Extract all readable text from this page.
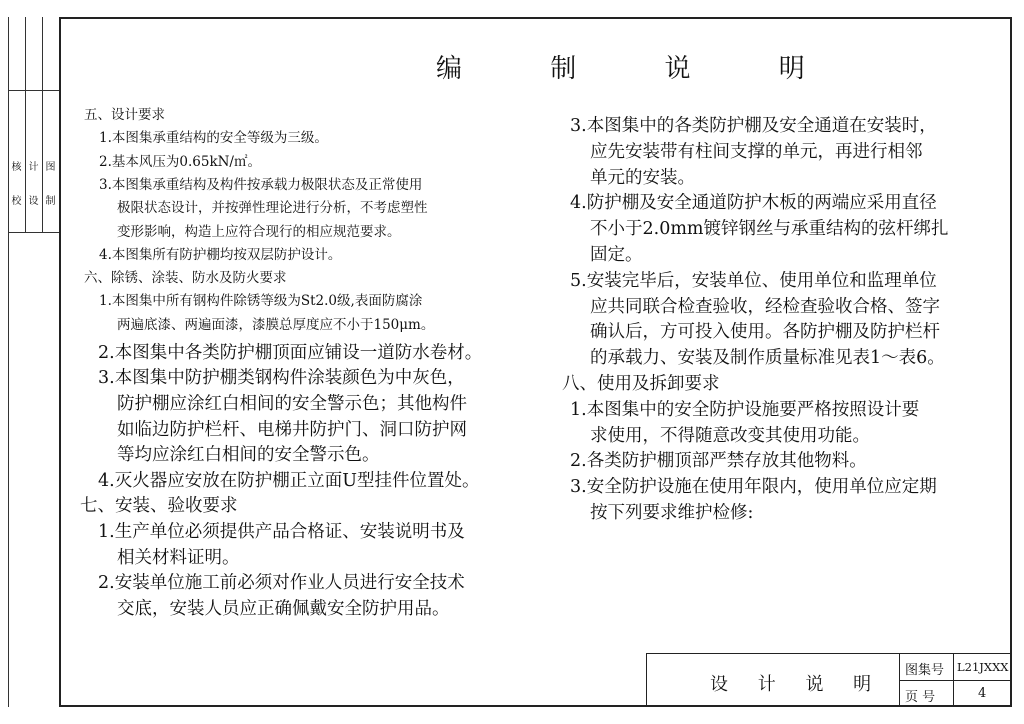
核
校
计
设
图
制
编 制 说 明
五、设计要求
1.本图集承重结构的安全等级为三级。
2.基本风压为0.65kN/㎡。
3.本图集承重结构及构件按承载力极限状态及正常使用
极限状态设计，并按弹性理论进行分析，不考虑塑性
变形影响，构造上应符合现行的相应规范要求。
4.本图集所有防护棚均按双层防护设计。
六、除锈、涂装、防水及防火要求
1.本图集中所有钢构件除锈等级为St2.0级,表面防腐涂
两遍底漆、两遍面漆，漆膜总厚度应不小于150μm。
2.本图集中各类防护棚顶面应铺设一道防水卷材。
3.本图集中防护棚类钢构件涂装颜色为中灰色，
防护棚应涂红白相间的安全警示色；其他构件
如临边防护栏杆、电梯井防护门、洞口防护网
等均应涂红白相间的安全警示色。
4.灭火器应安放在防护棚正立面U型挂件位置处。
七、安装、验收要求
1.生产单位必须提供产品合格证、安装说明书及
相关材料证明。
2.安装单位施工前必须对作业人员进行安全技术
交底，安装人员应正确佩戴安全防护用品。
3.本图集中的各类防护棚及安全通道在安装时，
应先安装带有柱间支撑的单元，再进行相邻
单元的安装。
4.防护棚及安全通道防护木板的两端应采用直径
不小于2.0mm镀锌钢丝与承重结构的弦杆绑扎
固定。
5.安装完毕后，安装单位、使用单位和监理单位
应共同联合检查验收，经检查验收合格、签字
确认后，方可投入使用。各防护棚及防护栏杆
的承载力、安装及制作质量标准见表1～表6。
八、使用及拆卸要求
1.本图集中的安全防护设施要严格按照设计要
求使用，不得随意改变其使用功能。
2.各类防护棚顶部严禁存放其他物料。
3.安全防护设施在使用年限内，使用单位应定期
按下列要求维护检修:
设 计 说 明
图集号 L21JXXX
页 号	4
